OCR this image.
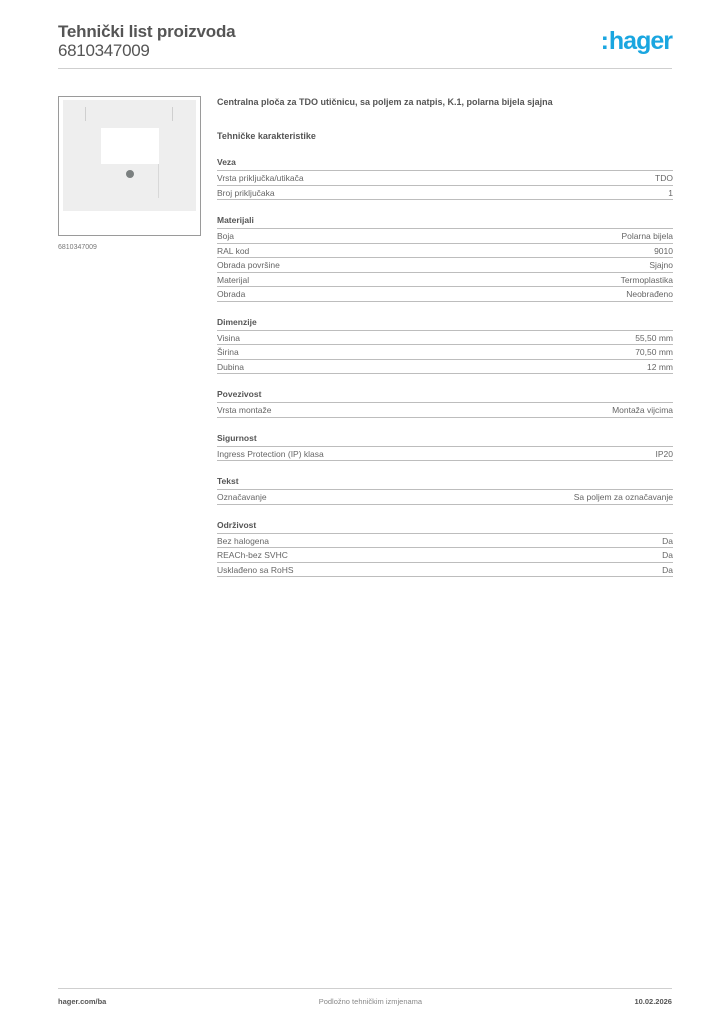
Tehnički list proizvoda
6810347009	:hager
6810347009
Centralna ploča za TDO utičnicu, sa poljem za natpis, K.1, polarna bijela sjajna
Tehničke karakteristike
Veza
Vrsta priključka/utikača	TDO
Broj priključaka	1
Materijali
Boja	Polarna bijela
RAL kod	9010
Obrada površine	Sjajno
Materijal	Termoplastika
Obrada	Neobrađeno
Dimenzije
Visina	55,50 mm
Širina	70,50 mm
Dubina	12 mm
Povezivost
Vrsta montaže	Montaža vijcima
Sigurnost
Ingress Protection (IP) klasa	IP20
Tekst
Označavanje	Sa poljem za označavanje
Održivost
Bez halogena	Da
REACh-bez SVHC	Da
Usklađeno sa RoHS	Da
hager.com/ba	Podložno tehničkim izmjenama	10.02.2026
